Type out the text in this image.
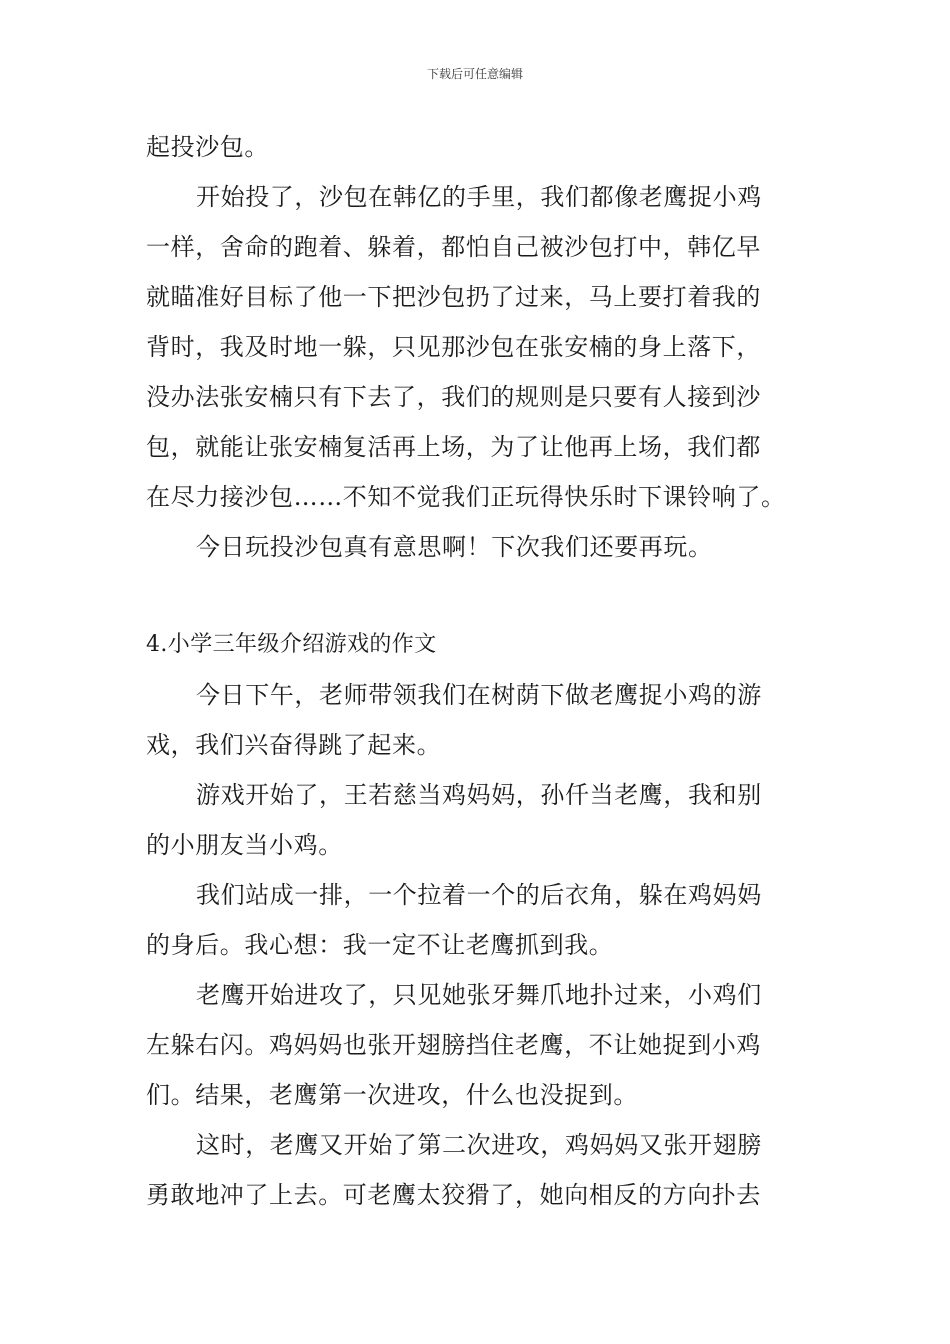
下载后可任意编辑
起投沙包。
开始投了，沙包在韩亿的手里，我们都像老鹰捉小鸡
一样，舍命的跑着、躲着，都怕自己被沙包打中，韩亿早
就瞄准好目标了他一下把沙包扔了过来，马上要打着我的
背时，我及时地一躲，只见那沙包在张安楠的身上落下，
没办法张安楠只有下去了，我们的规则是只要有人接到沙
包，就能让张安楠复活再上场，为了让他再上场，我们都
在尽力接沙包……不知不觉我们正玩得快乐时下课铃响了。
今日玩投沙包真有意思啊！下次我们还要再玩。
4.小学三年级介绍游戏的作文
今日下午，老师带领我们在树荫下做老鹰捉小鸡的游
戏，我们兴奋得跳了起来。
游戏开始了，王若慈当鸡妈妈，孙仟当老鹰，我和别
的小朋友当小鸡。
我们站成一排，一个拉着一个的后衣角，躲在鸡妈妈
的身后。我心想：我一定不让老鹰抓到我。
老鹰开始进攻了，只见她张牙舞爪地扑过来，小鸡们
左躲右闪。鸡妈妈也张开翅膀挡住老鹰，不让她捉到小鸡
们。结果，老鹰第一次进攻，什么也没捉到。
这时，老鹰又开始了第二次进攻，鸡妈妈又张开翅膀
勇敢地冲了上去。可老鹰太狡猾了，她向相反的方向扑去
